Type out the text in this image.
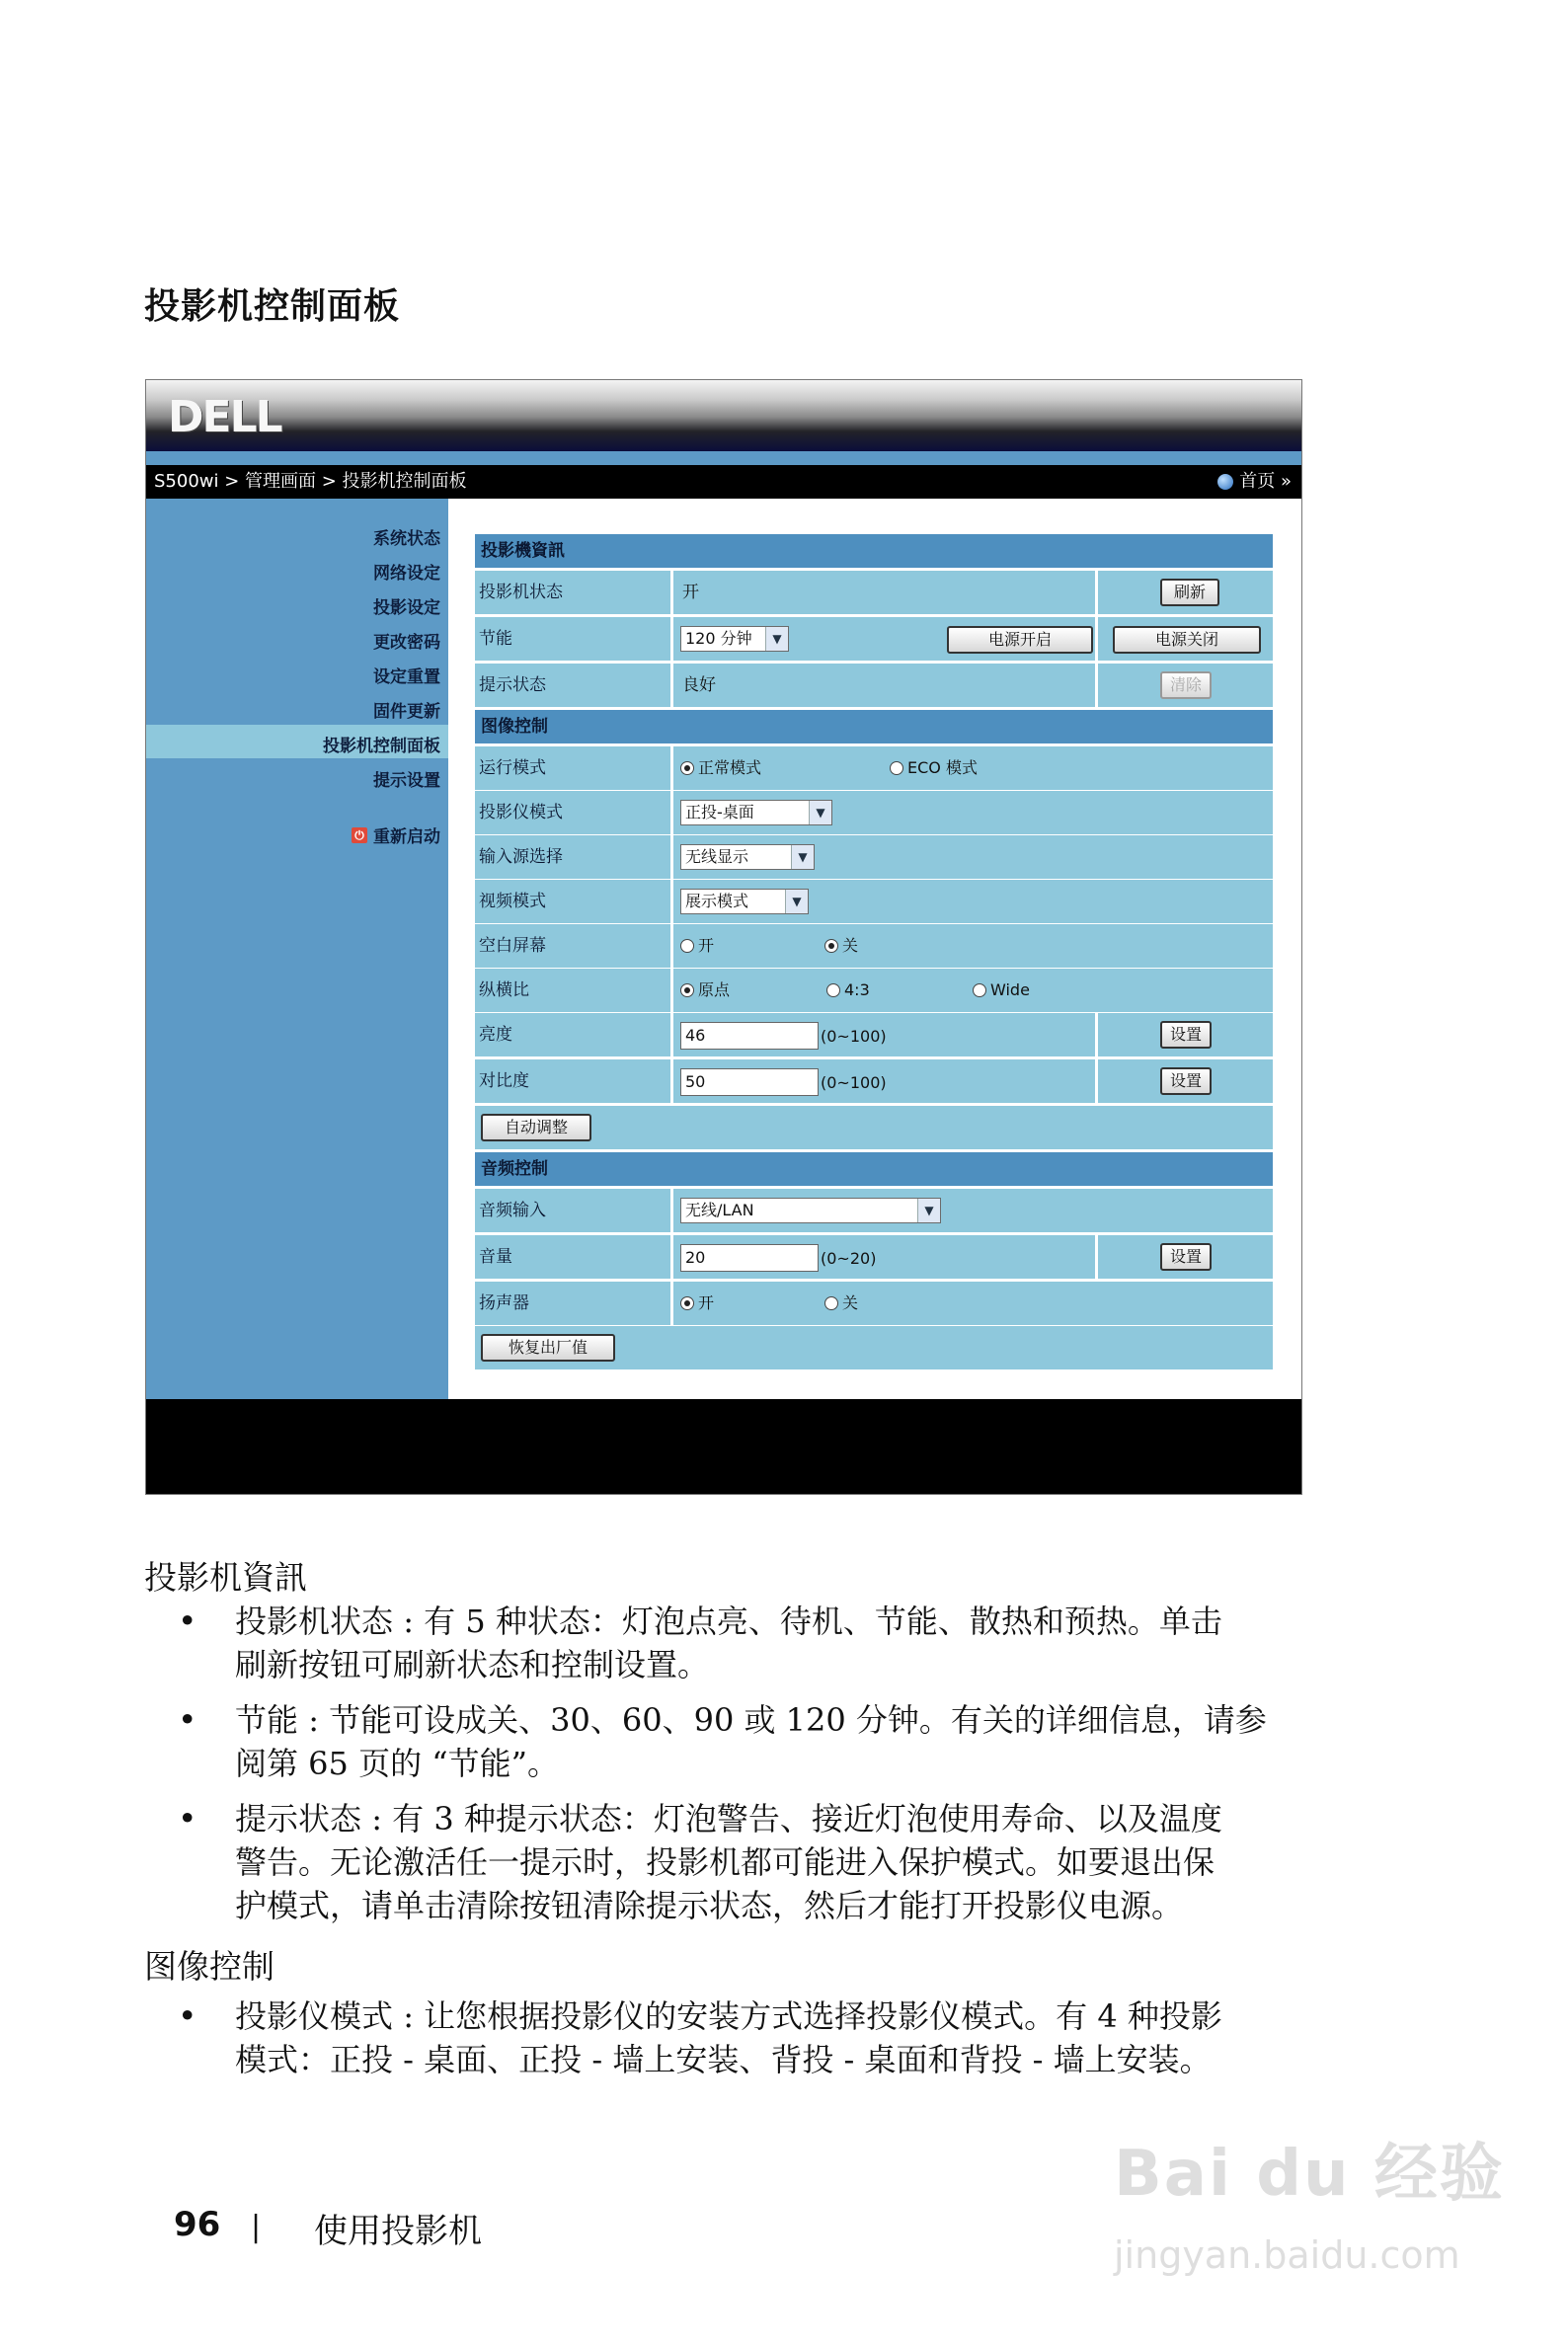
投影机控制面板
DELL
S500wi > 管理画面 > 投影机控制面板	首页 »
系统状态
网络设定
投影设定
更改密码
设定重置
固件更新
投影机控制面板
提示设置
⏻ 重新启动
投影機資訊
投影机状态	开	刷新
节能	120 分钟	▼	电源开启	电源关闭
提示状态	良好	清除
图像控制
运行模式	正常模式	ECO 模式
投影仪模式	正投-桌面	▼
输入源选择	无线显示	▼
视频模式	展示模式	▼
空白屏幕	开	关
纵横比	原点	4:3	Wide
亮度	46	(0~100)	设置
对比度	50	(0~100)	设置
自动调整
音频控制
音频输入	无线/LAN	▼
音量	20	(0~20)	设置
扬声器	开	关
恢复出厂值
投影机資訊
• 投影机状态 : 有 5 种状态：灯泡点亮、待机、节能、散热和预热。单击
刷新按钮可刷新状态和控制设置。
• 节能 : 节能可设成关、30、60、90 或 120 分钟。有关的详细信息，请参
阅第 65 页的 “节能”。
• 提示状态 : 有 3 种提示状态：灯泡警告、接近灯泡使用寿命、以及温度
警告。无论激活任一提示时，投影机都可能进入保护模式。如要退出保
护模式，请单击清除按钮清除提示状态，然后才能打开投影仪电源。
图像控制
• 投影仪模式 : 让您根据投影仪的安装方式选择投影仪模式。有 4 种投影
模式：正投 - 桌面、正投 - 墙上安装、背投 - 桌面和背投 - 墙上安装。
96 | 使用投影机
Bai du 经验
jingyan.baidu.com
